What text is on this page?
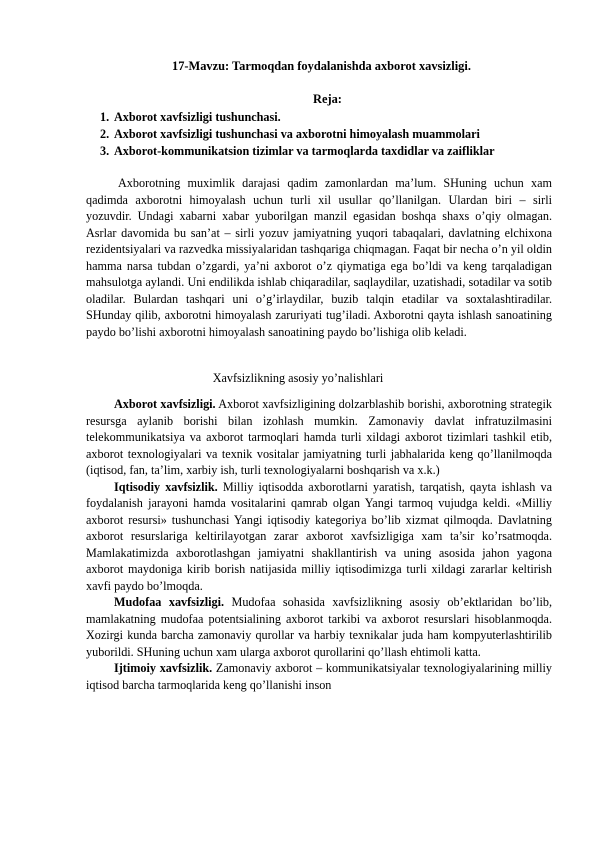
17-Mavzu: Tarmoqdan foydalanishda axborot xavsizligi.
Reja:
1. Axborot xavfsizligi tushunchasi.
2. Axborot xavfsizligi tushunchasi va axborotni himoyalash muammolari
3. Axborot-kommunikatsion tizimlar va tarmoqlarda taxdidlar va zaifliklar

Axborotning muximlik darajasi qadim zamonlardan ma’lum. SHuning uchun xam qadimda axborotni himoyalash uchun turli xil usullar qo’llanilgan. Ulardan biri – sirli yozuvdir. Undagi xabarni xabar yuborilgan manzil egasidan boshqa shaxs o’qiy olmagan. Asrlar davomida bu san’at – sirli yozuv jamiyatning yuqori tabaqalari, davlatning elchixona rezidentsiyalari va razvedka missiyalaridan tashqariga chiqmagan. Faqat bir necha o’n yil oldin hamma narsa tubdan o’zgardi, ya’ni axborot o’z qiymatiga ega bo’ldi va keng tarqaladigan mahsulotga aylandi. Uni endilikda ishlab chiqaradilar, saqlaydilar, uzatishadi, sotadilar va sotib oladilar. Bulardan tashqari uni o’g’irlaydilar, buzib talqin etadilar va soxtalashtiradilar. SHunday qilib, axborotni himoyalash zaruriyati tug’iladi. Axborotni qayta ishlash sanoatining paydo bo’lishi axborotni himoyalash sanoatining paydo bo’lishiga olib keladi.

Xavfsizlikning asosiy yo’nalishlari

Axborot xavfsizligi. Axborot xavfsizligining dolzarblashib borishi, axborotning strategik resursga aylanib borishi bilan izohlash mumkin. Zamonaviy davlat infratuzilmasini telekommunikatsiya va axborot tarmoqlari hamda turli xildagi axborot tizimlari tashkil etib, axborot texnologiyalari va texnik vositalar jamiyatning turli jabhalarida keng qo’llanilmoqda (iqtisod, fan, ta’lim, xarbiy ish, turli texnologiyalarni boshqarish va x.k.)

Iqtisodiy xavfsizlik. Milliy iqtisodda axborotlarni yaratish, tarqatish, qayta ishlash va foydalanish jarayoni hamda vositalarini qamrab olgan Yangi tarmoq vujudga keldi. «Milliy axborot resursi» tushunchasi Yangi iqtisodiy kategoriya bo’lib xizmat qilmoqda. Davlatning axborot resurslariga keltirilayotgan zarar axborot xavfsizligiga xam ta’sir ko’rsatmoqda. Mamlakatimizda axborotlashgan jamiyatni shakllantirish va uning asosida jahon yagona axborot maydoniga kirib borish natijasida milliy iqtisodimizga turli xildagi zararlar keltirish xavfi paydo bo’lmoqda.

Mudofaa xavfsizligi. Mudofaa sohasida xavfsizlikning asosiy ob’ektlaridan bo’lib, mamlakatning mudofaa potentsialining axborot tarkibi va axborot resurslari hisoblanmoqda. Xozirgi kunda barcha zamonaviy qurollar va harbiy texnikalar juda ham kompyuterlashtirilib yuborildi. SHuning uchun xam ularga axborot qurollarini qo’llash ehtimoli katta.

Ijtimoiy xavfsizlik. Zamonaviy axborot – kommunikatsiyalar texnologiyalarining milliy iqtisod barcha tarmoqlarida keng qo’llanishi inson
